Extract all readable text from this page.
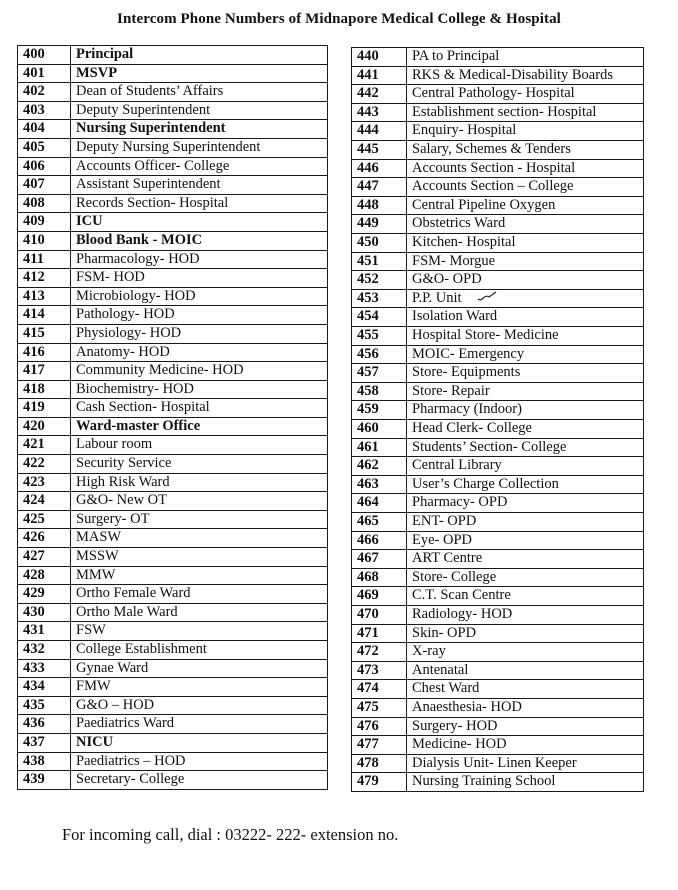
Intercom Phone Numbers of Midnapore Medical College & Hospital
400	Principal
401	MSVP
402	Dean of Students’ Affairs
403	Deputy Superintendent
404	Nursing Superintendent
405	Deputy Nursing Superintendent
406	Accounts Officer- College
407	Assistant Superintendent
408	Records Section- Hospital
409	ICU
410	Blood Bank - MOIC
411	Pharmacology- HOD
412	FSM- HOD
413	Microbiology- HOD
414	Pathology- HOD
415	Physiology- HOD
416	Anatomy- HOD
417	Community Medicine- HOD
418	Biochemistry- HOD
419	Cash Section- Hospital
420	Ward-master Office
421	Labour room
422	Security Service
423	High Risk Ward
424	G&O- New OT
425	Surgery- OT
426	MASW
427	MSSW
428	MMW
429	Ortho Female Ward
430	Ortho Male Ward
431	FSW
432	College Establishment
433	Gynae Ward
434	FMW
435	G&O – HOD
436	Paediatrics Ward
437	NICU
438	Paediatrics – HOD
439	Secretary- College
440	PA to Principal
441	RKS & Medical-Disability Boards
442	Central Pathology- Hospital
443	Establishment section- Hospital
444	Enquiry- Hospital
445	Salary, Schemes & Tenders
446	Accounts Section - Hospital
447	Accounts Section – College
448	Central Pipeline Oxygen
449	Obstetrics Ward
450	Kitchen- Hospital
451	FSM- Morgue
452	G&O- OPD
453	P.P. Unit
454	Isolation Ward
455	Hospital Store- Medicine
456	MOIC- Emergency
457	Store- Equipments
458	Store- Repair
459	Pharmacy (Indoor)
460	Head Clerk- College
461	Students’ Section- College
462	Central Library
463	User’s Charge Collection
464	Pharmacy- OPD
465	ENT- OPD
466	Eye- OPD
467	ART Centre
468	Store- College
469	C.T. Scan Centre
470	Radiology- HOD
471	Skin- OPD
472	X-ray
473	Antenatal
474	Chest Ward
475	Anaesthesia- HOD
476	Surgery- HOD
477	Medicine- HOD
478	Dialysis Unit- Linen Keeper
479	Nursing Training School
For incoming call, dial : 03222- 222- extension no.
